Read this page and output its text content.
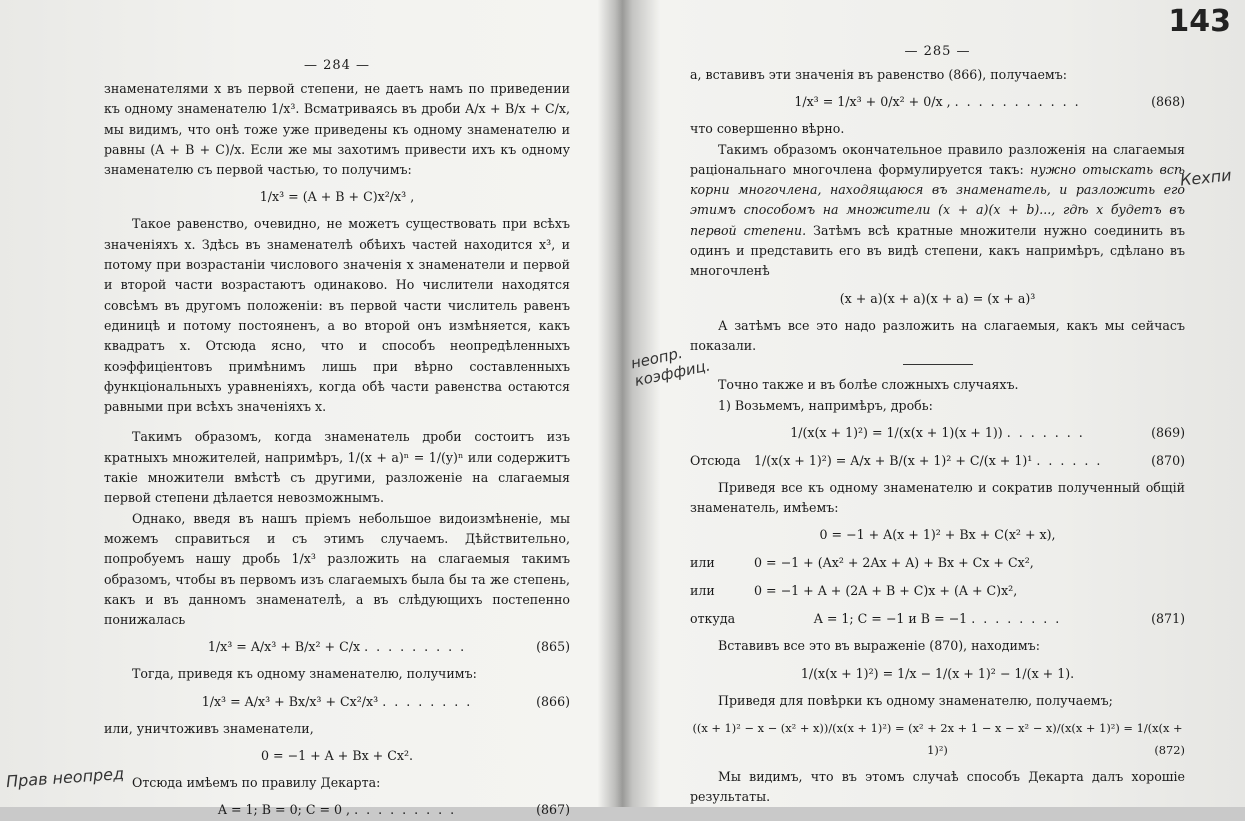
143
Кехпи
неопр. коэффиц.
Прав неопред
— 284 —

знаменателями x въ первой степени, не даетъ намъ по приведении къ одному знаменателю 1/x³. Всматриваясь въ дроби A/x + B/x + C/x, мы видимъ, что онѣ тоже уже приведены къ одному знаменателю и равны (A + B + C)/x. Если же мы захотимъ привести ихъ къ одному знаменателю съ первой частью, то получимъ:

1/x³ = (A + B + C)x²/x³ ,

Такое равенство, очевидно, не можетъ существовать при всѣхъ значеніяхъ x. Здѣсь въ знаменателѣ обѣихъ частей находится x³, и потому при возрастаніи числового значенія x знаменатели и первой и второй части возрастаютъ одинаково. Но числители находятся совсѣмъ въ другомъ положеніи: въ первой части числитель равенъ единицѣ и потому постояненъ, а во второй онъ измѣняется, какъ квадратъ x. Отсюда ясно, что и способъ неопредѣленныхъ коэффиціентовъ примѣнимъ лишь при вѣрно составленныхъ функціональныхъ уравненіяхъ, когда обѣ части равенства остаются равными при всѣхъ значеніяхъ x.

Такимъ образомъ, когда знаменатель дроби состоитъ изъ кратныхъ множителей, напримѣръ, 1/(x + a)ⁿ = 1/(y)ⁿ или содержитъ такіе множители вмѣстѣ съ другими, разложеніе на слагаемыя первой степени дѣлается невозможнымъ.

Однако, введя въ нашъ пріемъ небольшое видоизмѣненіе, мы можемъ справиться и съ этимъ случаемъ. Дѣйствительно, попробуемъ нашу дробь 1/x³ разложить на слагаемыя такимъ образомъ, чтобы въ первомъ изъ слагаемыхъ была бы та же степень, какъ и въ данномъ знаменателѣ, а въ слѣдующихъ постепенно понижалась

1/x³ = A/x³ + B/x² + C/x . . . . . . . . .	(865)

Тогда, приведя къ одному знаменателю, получимъ:

1/x³ = A/x³ + Bx/x³ + Cx²/x³ . . . . . . . .	(866)

или, уничтоживъ знаменатели,

0 = −1 + A + Bx + Cx².

Отсюда имѣемъ по правилу Декарта:

A = 1; B = 0; C = 0 , . . . . . . . . .	(867)
— 285 —

а, вставивъ эти значенія въ равенство (866), получаемъ:

1/x³ = 1/x³ + 0/x² + 0/x , . . . . . . . . . . .	(868)

что совершенно вѣрно.

Такимъ образомъ окончательное правило разложенія на слагаемыя раціональнаго многочлена формулируется такъ: нужно отыскать всѣ корни многочлена, находящаюся въ знаменатель, и разложить его этимъ способомъ на множители (x + a)(x + b)..., гдѣ x будетъ въ первой степени. Затѣмъ всѣ кратные множители нужно соединить въ одинъ и представить его въ видѣ степени, какъ напримѣръ, сдѣлано въ многочленѣ

(x + a)(x + a)(x + a) = (x + a)³

А затѣмъ все это надо разложить на слагаемыя, какъ мы сейчасъ показали.

Точно также и въ болѣе сложныхъ случаяхъ.

1) Возьмемъ, напримѣръ, дробь:

1/(x(x + 1)²) = 1/(x(x + 1)(x + 1)) . . . . . . .	(869)
Отсюда 1/(x(x + 1)²) = A/x + B/(x + 1)² + C/(x + 1)¹ . . . . . .	(870)

Приведя все къ одному знаменателю и сократив полученный общій знаменатель, имѣемъ:

0 = −1 + A(x + 1)² + Bx + C(x² + x),
или	0 = −1 + (Ax² + 2Ax + A) + Bx + Cx + Cx²,
или	0 = −1 + A + (2A + B + C)x + (A + C)x²,
откуда	A = 1; C = −1 и B = −1 . . . . . . . .	(871)

Вставивъ все это въ выраженіе (870), находимъ:

1/(x(x + 1)²) = 1/x − 1/(x + 1)² − 1/(x + 1).

Приведя для повѣрки къ одному знаменателю, получаемъ;

((x + 1)² − x − (x² + x))/(x(x + 1)²) = (x² + 2x + 1 − x − x² − x)/(x(x + 1)²) = 1/(x(x + 1)²)	(872)

Мы видимъ, что въ этомъ случаѣ способъ Декарта далъ хорошіе результаты.
